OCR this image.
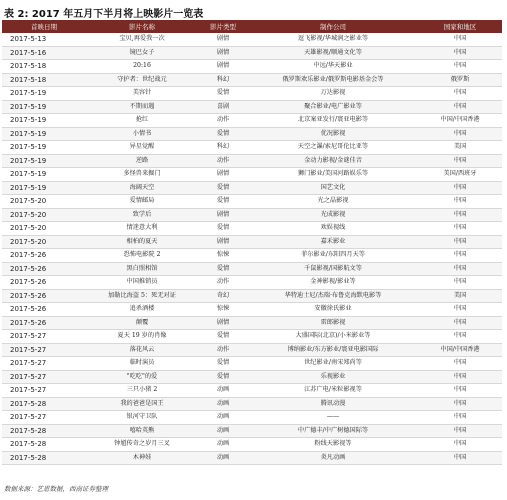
表 2: 2017 年五月下半月将上映影片一览表
首映日期	影片名称	影片类型	制作公司	国家和地区
2017-5-13	宝贝,再爱我一次	剧情	逗飞影视/华城润之影业等	中国
2017-5-16	镜巴女子	剧情	天雄影视/顺通文化等	中国
2017-5-18	20:16	剧情	中远/华天影业	中国
2017-5-18	守护者：世纪战元	科幻	俄罗斯欢乐影业/俄罗斯电影基金会等	俄罗斯
2017-5-19	美容针	爱情	万达影视	中国
2017-5-19	不期而遇	喜剧	聚合影业/电广影业等	中国
2017-5-19	抢红	动作	北京案亚发行/寰亚电影等	中国/中国香港
2017-5-19	小情书	爱情	优况影视	中国
2017-5-19	异星觉醒	科幻	天空之瀑/索尼哥伦比亚等	美国
2017-5-19	逆路	动作	金动力影视/金谜佳音	中国
2017-5-19	多怪兽来掘门	剧情	狮门影业/美国河路娱乐等	美国/西班牙
2017-5-19	海阔天空	爱情	国艺文化	中国
2017-5-20	爱情邮局	爱情	光之晶影视	中国
2017-5-20	致学后	剧情	光成影视	中国
2017-5-20	情迷意大利	爱情	欢娱视线	中国
2017-5-20	相柏的夏天	剧情	嘉禾影业	中国
2017-5-26	恐怖电影院 2	惊悚	菲尔影业/东阳四月天等	中国
2017-5-26	黑白照相馆	爱情	千鼠影视/国影航文等	中国
2017-5-26	中国推销员	动作	金神影视/影业等	中国
2017-5-26	加勒比海盗 5：死无对证	奇幻	华特迪士尼/杰瑞·布鲁克海默电影等	美国
2017-5-26	追杀酒楼	惊悚	安徽徐氏影业	中国
2017-5-26	颠覆	剧情	雷郎影视	中国
2017-5-27	夏天 19 岁的肖像	爱情	大盛国际(北京)/小米影业等	中国
2017-5-27	落花风云	动作	博纳影业/东方影业/寰亚电影国际	中国/中国香港
2017-5-27	临时演员	爱情	世纪影业/南宋郑尚等	中国
2017-5-27	"吃吃"的爱	爱情	乐视影业	中国
2017-5-27	三只小猪 2	动画	江苏广电/米粒影视等	中国
2017-5-28	我的爸爸是国王	动画	腾讯动漫	中国
2017-5-27	银河守卫队	动画	——	中国
2017-5-28	嘻哈英熊	动画	中广德丰/中广树德国际等	中国
2017-5-28	钟馗传奇之岁月三叉	动画	粉线天影视等	中国
2017-5-28	木神娃	动画	炎凡动画	中国
数据来源：艺恩数据，西南证券整理
